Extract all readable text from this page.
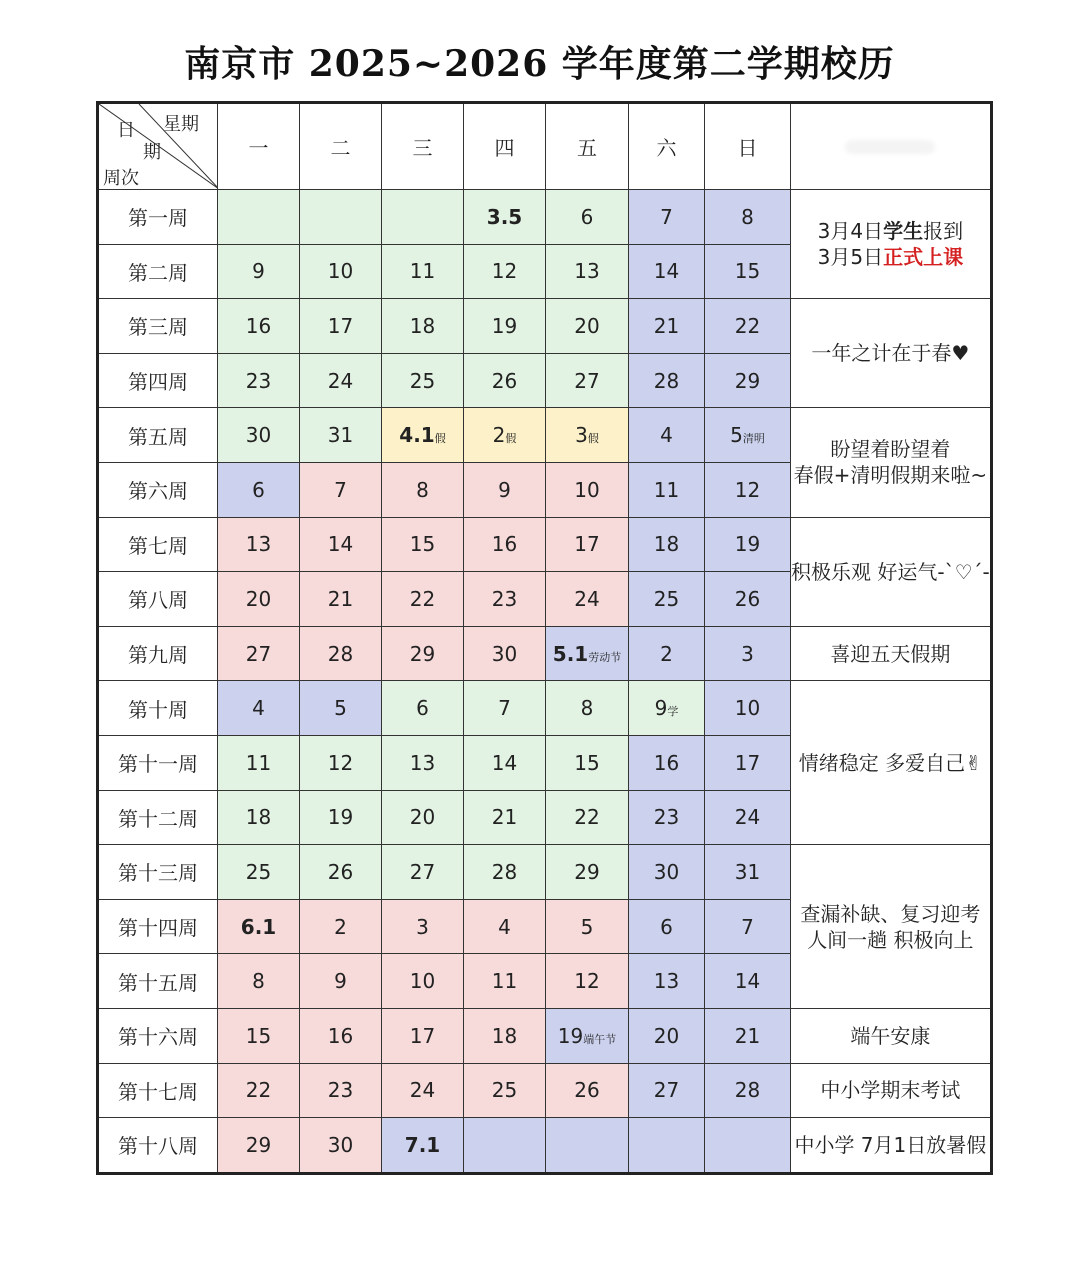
南京市 2025~2026 学年度第二学期校历
星期
日
期
周次	一	二	三	四	五	六	日	
第一周				3.5	6	7	8	3月4日学生报到
3月5日正式上课

第二周	9	10	11	12	13	14	15	
第三周	16	17	18	19	20	21	22	一年之计在于春♥

第四周	23	24	25	26	27	28	29	
第五周	30	31	4.1假	2假	3假	4	5清明	盼望着盼望着
春假+清明假期来啦~

第六周	6	7	8	9	10	11	12	
第七周	13	14	15	16	17	18	19	积极乐观 好运气-`♡´-

第八周	20	21	22	23	24	25	26	
第九周	27	28	29	30	5.1劳动节	2	3	喜迎五天假期

第十周	4	5	6	7	8	9学	10	情绪稳定 多爱自己✌

第十一周	11	12	13	14	15	16	17	
第十二周	18	19	20	21	22	23	24	
第十三周	25	26	27	28	29	30	31	查漏补缺、复习迎考
人间一趟 积极向上

第十四周	6.1	2	3	4	5	6	7	
第十五周	8	9	10	11	12	13	14	
第十六周	15	16	17	18	19端午节	20	21	端午安康

第十七周	22	23	24	25	26	27	28	中小学期末考试

第十八周	29	30	7.1					中小学 7月1日放暑假
